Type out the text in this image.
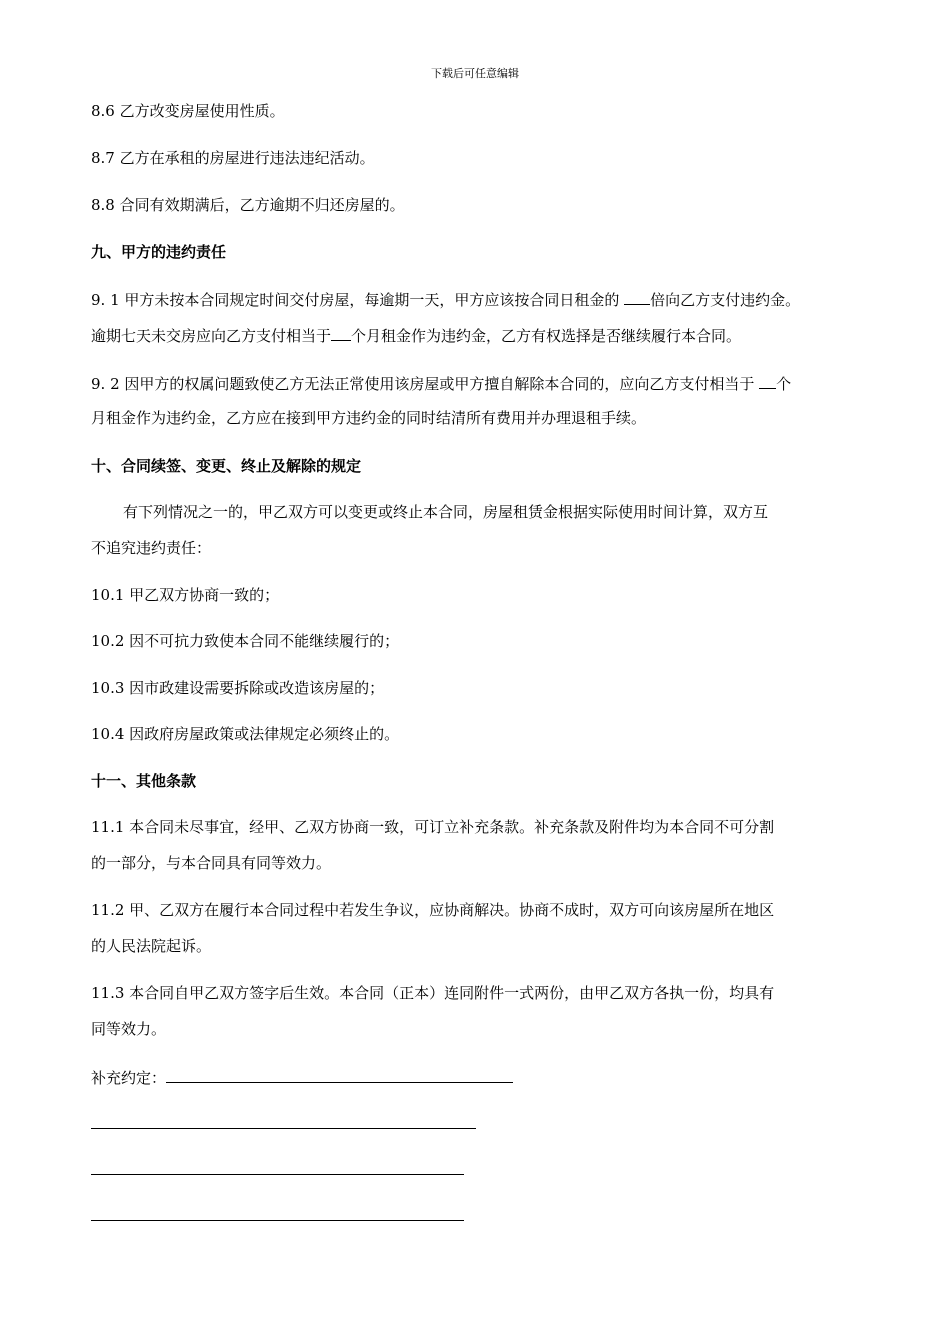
下载后可任意编辑
8.6 乙方改变房屋使用性质。
8.7 乙方在承租的房屋进行违法违纪活动。
8.8 合同有效期满后，乙方逾期不归还房屋的。
九、甲方的违约责任
9. 1 甲方未按本合同规定时间交付房屋，每逾期一天，甲方应该按合同日租金的 倍向乙方支付违约金。
逾期七天未交房应向乙方支付相当于 个月租金作为违约金，乙方有权选择是否继续履行本合同。
9. 2 因甲方的权属问题致使乙方无法正常使用该房屋或甲方擅自解除本合同的，应向乙方支付相当于 个
月租金作为违约金，乙方应在接到甲方违约金的同时结清所有费用并办理退租手续。
十、合同续签、变更、终止及解除的规定
有下列情况之一的，甲乙双方可以变更或终止本合同，房屋租赁金根据实际使用时间计算，双方互
不追究违约责任：
10.1 甲乙双方协商一致的；
10.2 因不可抗力致使本合同不能继续履行的；
10.3 因市政建设需要拆除或改造该房屋的；
10.4 因政府房屋政策或法律规定必须终止的。
十一、其他条款
11.1 本合同未尽事宜，经甲、乙双方协商一致，可订立补充条款。补充条款及附件均为本合同不可分割
的一部分，与本合同具有同等效力。
11.2 甲、乙双方在履行本合同过程中若发生争议，应协商解决。协商不成时，双方可向该房屋所在地区
的人民法院起诉。
11.3 本合同自甲乙双方签字后生效。本合同（正本）连同附件一式两份，由甲乙双方各执一份，均具有
同等效力。
补充约定：
